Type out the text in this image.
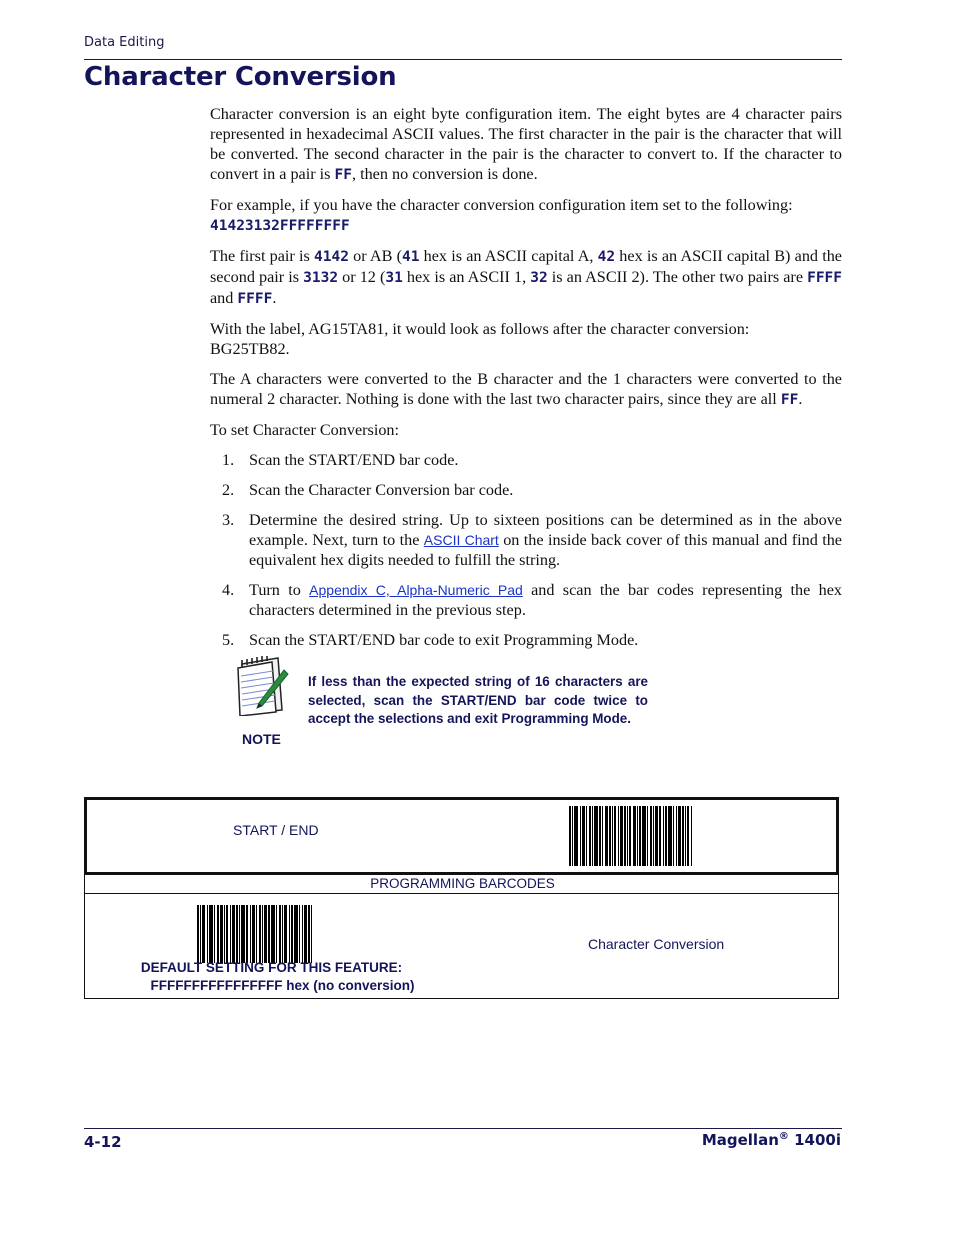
Data Editing
Character Conversion

Character conversion is an eight byte configuration item. The eight bytes are 4 character pairs represented in hexadecimal ASCII values. The first character in the pair is the character that will be converted. The second character in the pair is the character to convert to. If the character to convert in a pair is FF, then no conversion is done.

For example, if you have the character conversion configuration item set to the following:
41423132FFFFFFFF

The first pair is 4142 or AB (41 hex is an ASCII capital A, 42 hex is an ASCII capital B) and the second pair is 3132 or 12 (31 hex is an ASCII 1, 32 is an ASCII 2). The other two pairs are FFFF and FFFF.

With the label, AG15TA81, it would look as follows after the character conversion:
BG25TB82.

The A characters were converted to the B character and the 1 characters were converted to the numeral 2 character. Nothing is done with the last two character pairs, since they are all FF.

To set Character Conversion:

1. Scan the START/END bar code.
2. Scan the Character Conversion bar code.
3. Determine the desired string. Up to sixteen positions can be determined as in the above example. Next, turn to the ASCII Chart on the inside back cover of this manual and find the equivalent hex digits needed to fulfill the string.
4. Turn to Appendix C, Alpha-Numeric Pad and scan the bar codes representing the hex characters determined in the previous step.
5. Scan the START/END bar code to exit Programming Mode.
NOTE
If less than the expected string of 16 characters are selected, scan the START/END bar code twice to accept the selections and exit Programming Mode.
START / END
PROGRAMMING BARCODES
Character Conversion
DEFAULT SETTING FOR THIS FEATURE:
FFFFFFFFFFFFFFFF hex (no conversion)
4-12	Magellan® 1400i
